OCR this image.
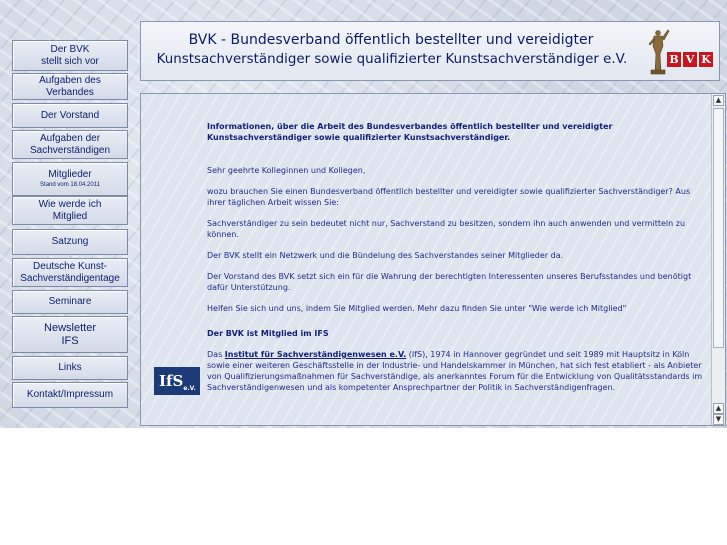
Der BVK
stellt sich vor
Aufgaben des
Verbandes
Der Vorstand
Aufgaben der
Sachverständigen
Mitglieder
Stand vom 18.04.2011
Wie werde ich
Mitglied
Satzung
Deutsche Kunst-
Sachverständigentage
Seminare
Newsletter
IFS
Links
Kontakt/Impressum
BVK - Bundesverband öffentlich bestellter und vereidigter
Kunstsachverständiger sowie qualifizierter Kunstsachverständiger e.V.	B V K

Informationen, über die Arbeit des Bundesverbandes öffentlich bestellter und vereidigter Kunstsachverständiger sowie qualifizierter Kunstsachverständiger.

Sehr geehrte Kolleginnen und Kollegen,

wozu brauchen Sie einen Bundesverband öffentlich bestellter und vereidigter sowie qualifizierter Sachverständiger? Aus ihrer täglichen Arbeit wissen Sie:

Sachverständiger zu sein bedeutet nicht nur, Sachverstand zu besitzen, sondern ihn auch anwenden und vermitteln zu können.

Der BVK stellt ein Netzwerk und die Bündelung des Sachverstandes seiner Mitglieder da.

Der Vorstand des BVK setzt sich ein für die Wahrung der berechtigten Interessenten unseres Berufsstandes und benötigt dafür Unterstützung.

Helfen Sie sich und uns, indem Sie Mitglied werden. Mehr dazu finden Sie unter "Wie werde ich Mitglied"

Der BVK ist Mitglied im IFS

Das Institut für Sachverständigenwesen e.V. (IfS), 1974 in Hannover gegründet und seit 1989 mit Hauptsitz in Köln sowie einer weiteren Geschäftsstelle in der Industrie- und Handelskammer in München, hat sich fest etabliert - als Anbieter von Qualifizierungsmaßnahmen für Sachverständige, als anerkanntes Forum für die Entwicklung von Qualitätsstandards im Sachverständigenwesen und als kompetenter Ansprechpartner der Politik in Sachverständigenfragen.

IfS$_{e.V.}$
▲
▲
▼
